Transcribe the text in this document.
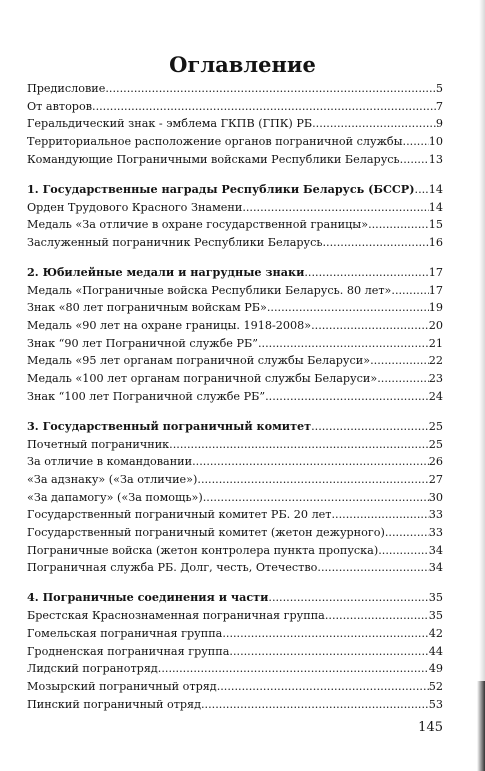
Оглавление
Предисловие .....	5
От авторов .....	7
Геральдический знак - эмблема ГКПВ (ГПК) РБ .....	9
Территориальное расположение органов пограничной службы ..... 10
Командующие Пограничными войсками Республики Беларусь .....	13
1. Государственные награды Республики Беларусь (БССР) ..... 14
Орден Трудового Красного Знамени .....	14
Медаль «За отличие в охране государственной границы» .....	15
Заслуженный пограничник Республики Беларусь .....	16
2. Юбилейные медали и нагрудные знаки .....	17
Медаль «Пограничные войска Республики Беларусь. 80 лет» .....	17
Знак «80 лет пограничным войскам РБ» .....	19
Медаль «90 лет на охране границы. 1918-2008» .....	20
Знак “90 лет Пограничной службе РБ” .....	21
Медаль «95 лет органам пограничной службы Беларуси» .....	22
Медаль «100 лет органам пограничной службы Беларуси» .....	23
Знак “100 лет Пограничной службе РБ” .....	24
3. Государственный пограничный комитет .....	25
Почетный пограничник .....	25
За отличие в командовании .....	26
«За адзнаку» («За отличие») .....	27
«За дапамогу» («За помощь») .....	30
Государственный пограничный комитет РБ. 20 лет .....	33
Государственный пограничный комитет (жетон дежурного) .....	33
Пограничные войска (жетон контролера пункта пропуска) .....	34
Пограничная служба РБ. Долг, честь, Отечество .....	34
4. Пограничные соединения и части .....	35
Брестская Краснознаменная пограничная группа .....	35
Гомельская пограничная группа .....	42
Гродненская пограничная группа .....	44
Лидский погранотряд .....	49
Мозырский пограничный отряд .....	52
Пинский пограничный отряд .....	53
145
